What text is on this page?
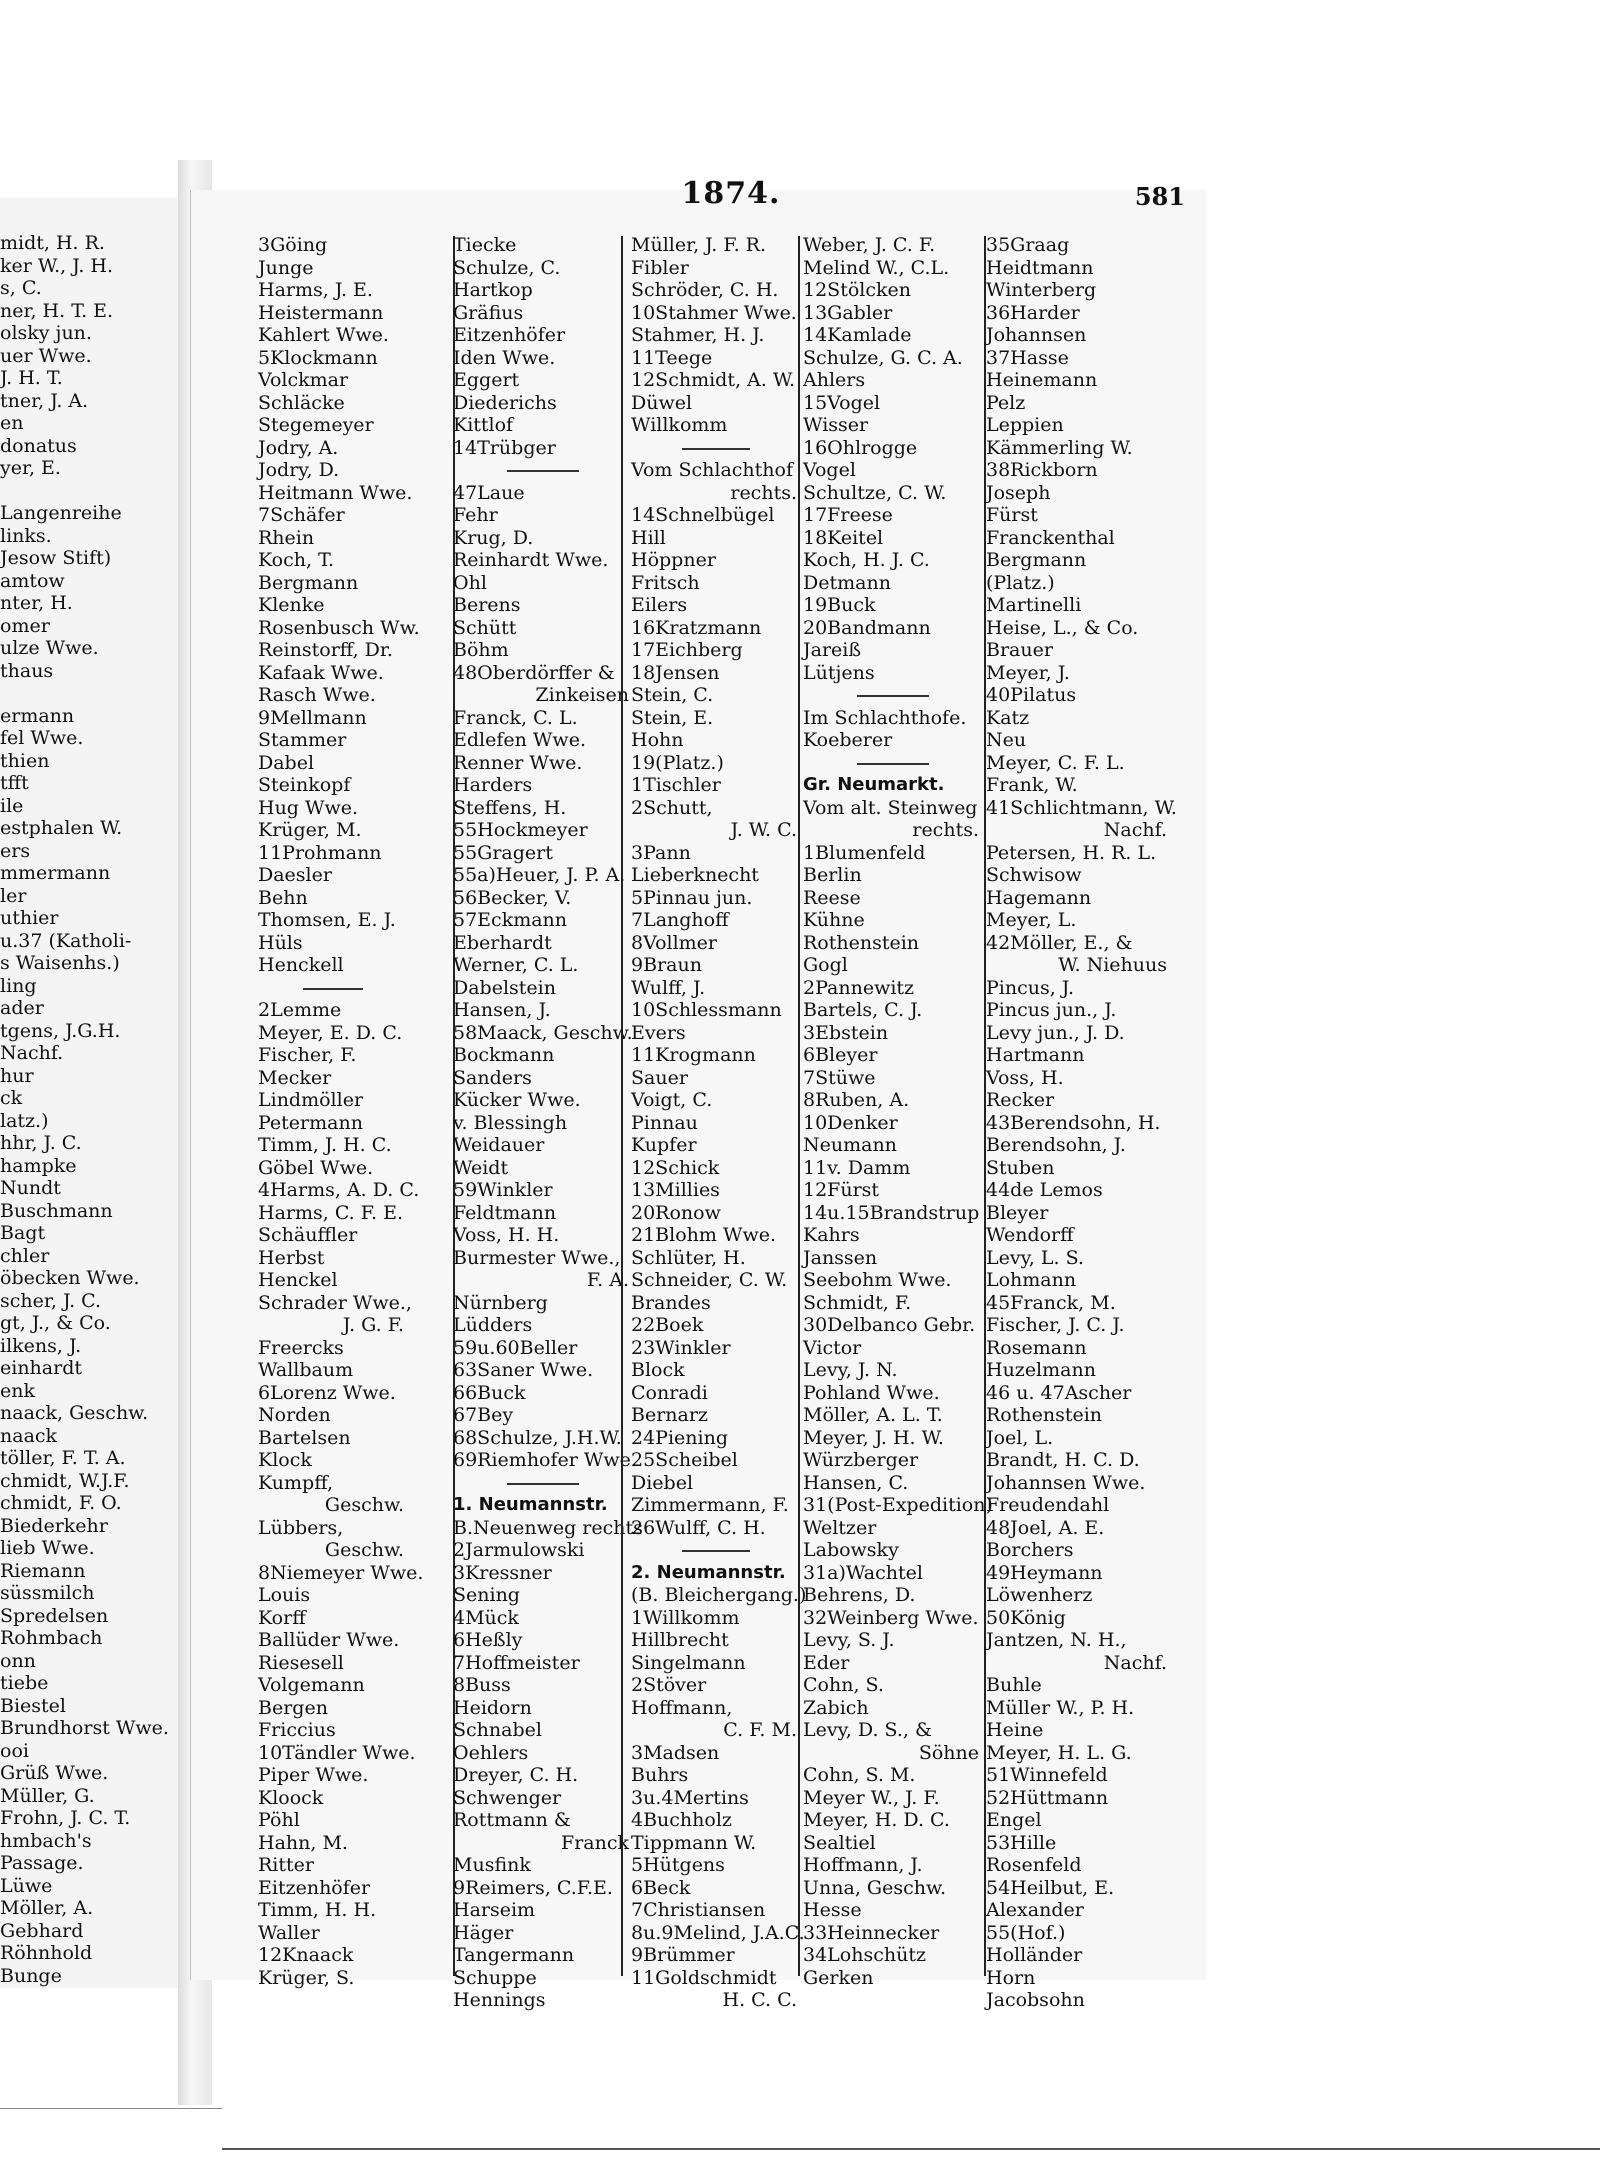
midt, H. R.
ker W., J. H.
s, C.
ner, H. T. E.
olsky jun.
uer Wwe.
J. H. T.
tner, J. A.
en
donatus
yer, E.
Langenreihe
links.
Jesow Stift)
amtow
nter, H.
omer
ulze Wwe.
thaus
ermann
fel Wwe.
thien
tfft
ile
estphalen W.
ers
mmermann
ler
uthier
u.37 (Katholi-
s Waisenhs.)
ling
ader
tgens, J.G.H.
Nachf.
hur
ck
latz.)
hhr, J. C.
hampke
Nundt
Buschmann
Bagt
chler
öbecken Wwe.
scher, J. C.
gt, J., & Co.
ilkens, J.
einhardt
enk
naack, Geschw.
naack
töller, F. T. A.
chmidt, W.J.F.
chmidt, F. O.
Biederkehr
lieb Wwe.
Riemann
süssmilch
Spredelsen
Rohmbach
onn
tiebe
Biestel
Brundhorst Wwe.
ooi
Grüß Wwe.
Müller, G.
Frohn, J. C. T.
hmbach's
Passage.
Lüwe
Möller, A.
Gebhard
Röhnhold
Bunge
1874.	581
3Göing
Junge
Harms, J. E.
Heistermann
Kahlert Wwe.
5Klockmann
Volckmar
Schläcke
Stegemeyer
Jodry, A.
Jodry, D.
Heitmann Wwe.
7Schäfer
Rhein
Koch, T.
Bergmann
Klenke
Rosenbusch Ww.
Reinstorff, Dr.
Kafaak Wwe.
Rasch Wwe.
9Mellmann
Stammer
Dabel
Steinkopf
Hug Wwe.
Krüger, M.
11Prohmann
Daesler
Behn
Thomsen, E. J.
Hüls
Henckell
2Lemme
Meyer, E. D. C.
Fischer, F.
Mecker
Lindmöller
Petermann
Timm, J. H. C.
Göbel Wwe.
4Harms, A. D. C.
Harms, C. F. E.
Schäuffler
Herbst
Henckel
Schrader Wwe.,
J. G. F.
Freercks
Wallbaum
6Lorenz Wwe.
Norden
Bartelsen
Klock
Kumpff,
Geschw.
Lübbers,
Geschw.
8Niemeyer Wwe.
Louis
Korff
Ballüder Wwe.
Riesesell
Volgemann
Bergen
Friccius
10Tändler Wwe.
Piper Wwe.
Kloock
Pöhl
Hahn, M.
Ritter
Eitzenhöfer
Timm, H. H.
Waller
12Knaack
Krüger, S.
Tiecke
Schulze, C.
Hartkop
Gräfius
Eitzenhöfer
Iden Wwe.
Eggert
Diederichs
Kittlof
14Trübger
47Laue
Fehr
Krug, D.
Reinhardt Wwe.
Ohl
Berens
Schütt
Böhm
48Oberdörffer &
Zinkeisen
Franck, C. L.
Edlefen Wwe.
Renner Wwe.
Harders
Steffens, H.
55Hockmeyer
55Gragert
55a)Heuer, J. P. A.
56Becker, V.
57Eckmann
Eberhardt
Werner, C. L.
Dabelstein
Hansen, J.
58Maack, Geschw.
Bockmann
Sanders
Kücker Wwe.
v. Blessingh
Weidauer
Weidt
59Winkler
Feldtmann
Voss, H. H.
Burmester Wwe.,
F. A.
Nürnberg
Lüdders
59u.60Beller
63Saner Wwe.
66Buck
67Bey
68Schulze, J.H.W.
69Riemhofer Wwe.
1. Neumannstr.
B.Neuenweg rechts
2Jarmulowski
3Kressner
Sening
4Mück
6Heßly
7Hoffmeister
8Buss
Heidorn
Schnabel
Oehlers
Dreyer, C. H.
Schwenger
Rottmann &
Franck
Musfink
9Reimers, C.F.E.
Harseim
Häger
Tangermann
Schuppe
Hennings
Müller, J. F. R.
Fibler
Schröder, C. H.
10Stahmer Wwe.
Stahmer, H. J.
11Teege
12Schmidt, A. W.
Düwel
Willkomm
Vom Schlachthof
rechts.
14Schnelbügel
Hill
Höppner
Fritsch
Eilers
16Kratzmann
17Eichberg
18Jensen
Stein, C.
Stein, E.
Hohn
19(Platz.)
1Tischler
2Schutt,
J. W. C.
3Pann
Lieberknecht
5Pinnau jun.
7Langhoff
8Vollmer
9Braun
Wulff, J.
10Schlessmann
Evers
11Krogmann
Sauer
Voigt, C.
Pinnau
Kupfer
12Schick
13Millies
20Ronow
21Blohm Wwe.
Schlüter, H.
Schneider, C. W.
Brandes
22Boek
23Winkler
Block
Conradi
Bernarz
24Piening
25Scheibel
Diebel
Zimmermann, F.
26Wulff, C. H.
2. Neumannstr.
(B. Bleichergang.)
1Willkomm
Hillbrecht
Singelmann
2Stöver
Hoffmann,
C. F. M.
3Madsen
Buhrs
3u.4Mertins
4Buchholz
Tippmann W.
5Hütgens
6Beck
7Christiansen
8u.9Melind, J.A.C.
9Brümmer
11Goldschmidt
H. C. C.
Weber, J. C. F.
Melind W., C.L.
12Stölcken
13Gabler
14Kamlade
Schulze, G. C. A.
Ahlers
15Vogel
Wisser
16Ohlrogge
Vogel
Schultze, C. W.
17Freese
18Keitel
Koch, H. J. C.
Detmann
19Buck
20Bandmann
Jareiß
Lütjens
Im Schlachthofe.
Koeberer
Gr. Neumarkt.
Vom alt. Steinweg
rechts.
1Blumenfeld
Berlin
Reese
Kühne
Rothenstein
Gogl
2Pannewitz
Bartels, C. J.
3Ebstein
6Bleyer
7Stüwe
8Ruben, A.
10Denker
Neumann
11v. Damm
12Fürst
14u.15Brandstrup
Kahrs
Janssen
Seebohm Wwe.
Schmidt, F.
30Delbanco Gebr.
Victor
Levy, J. N.
Pohland Wwe.
Möller, A. L. T.
Meyer, J. H. W.
Würzberger
Hansen, C.
31(Post-Expedition)
Weltzer
Labowsky
31a)Wachtel
Behrens, D.
32Weinberg Wwe.
Levy, S. J.
Eder
Cohn, S.
Zabich
Levy, D. S., &
Söhne
Cohn, S. M.
Meyer W., J. F.
Meyer, H. D. C.
Sealtiel
Hoffmann, J.
Unna, Geschw.
Hesse
33Heinnecker
34Lohschütz
Gerken
35Graag
Heidtmann
Winterberg
36Harder
Johannsen
37Hasse
Heinemann
Pelz
Leppien
Kämmerling W.
38Rickborn
Joseph
Fürst
Franckenthal
Bergmann
(Platz.)
Martinelli
Heise, L., & Co.
Brauer
Meyer, J.
40Pilatus
Katz
Neu
Meyer, C. F. L.
Frank, W.
41Schlichtmann, W.
Nachf.
Petersen, H. R. L.
Schwisow
Hagemann
Meyer, L.
42Möller, E., &
W. Niehuus
Pincus, J.
Pincus jun., J.
Levy jun., J. D.
Hartmann
Voss, H.
Recker
43Berendsohn, H.
Berendsohn, J.
Stuben
44de Lemos
Bleyer
Wendorff
Levy, L. S.
Lohmann
45Franck, M.
Fischer, J. C. J.
Rosemann
Huzelmann
46 u. 47Ascher
Rothenstein
Joel, L.
Brandt, H. C. D.
Johannsen Wwe.
Freudendahl
48Joel, A. E.
Borchers
49Heymann
Löwenherz
50König
Jantzen, N. H.,
Nachf.
Buhle
Müller W., P. H.
Heine
Meyer, H. L. G.
51Winnefeld
52Hüttmann
Engel
53Hille
Rosenfeld
54Heilbut, E.
Alexander
55(Hof.)
Holländer
Horn
Jacobsohn
